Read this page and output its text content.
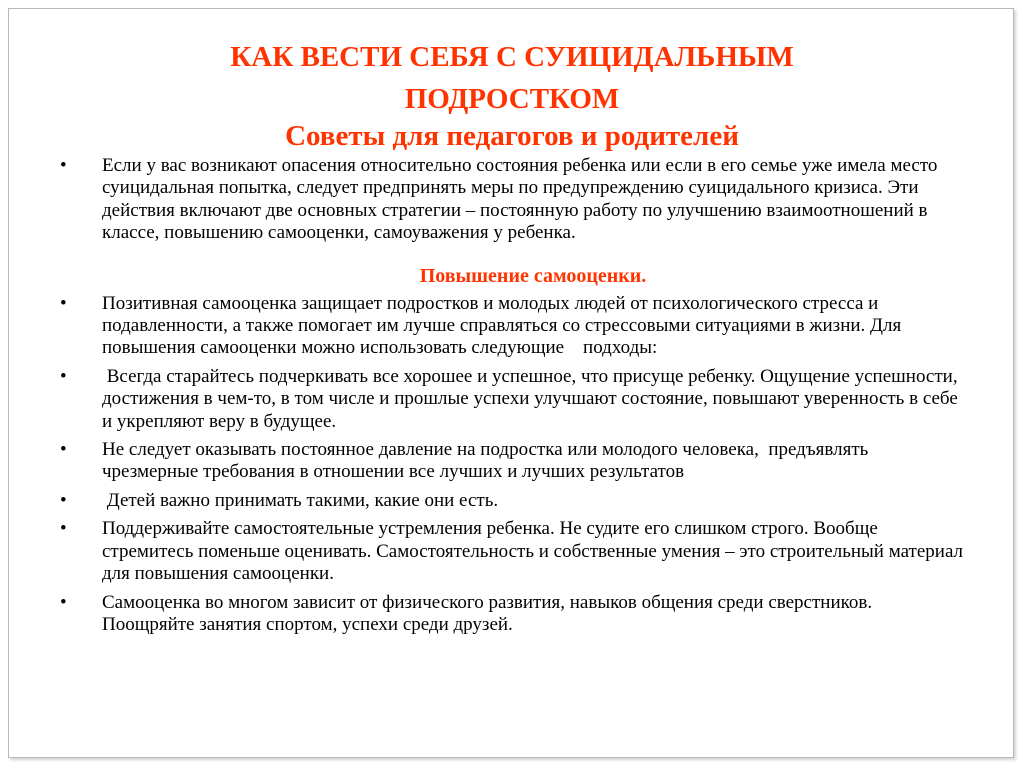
КАК ВЕСТИ СЕБЯ С СУИЦИДАЛЬНЫМ
ПОДРОСТКОМ
Советы для педагогов и родителей
•	Если у вас возникают опасения относительно состояния ребенка или если в его семье уже имела место суицидальная попытка, следует предпринять меры по предупреждению суицидального кризиса. Эти действия включают две основных стратегии – постоянную работу по улучшению взаимоотношений в классе, повышению самооценки, самоуважения у ребенка.
Повышение самооценки.
•	Позитивная самооценка защищает подростков и молодых людей от психологического стресса и подавленности, а также помогает им лучше справляться со стрессовыми ситуациями в жизни. Для повышения самооценки можно использовать следующие    подходы:
•	Всегда старайтесь подчеркивать все хорошее и успешное, что присуще ребенку. Ощущение успешности, достижения в чем-то, в том числе и прошлые успехи улучшают состояние, повышают уверенность в себе и укрепляют веру в будущее.
•	Не следует оказывать постоянное давление на подростка или молодого человека,  предъявлять чрезмерные требования в отношении все лучших и лучших результатов
•	Детей важно принимать такими, какие они есть.
•	Поддерживайте самостоятельные устремления ребенка. Не судите его слишком строго. Вообще стремитесь поменьше оценивать. Самостоятельность и собственные умения – это строительный материал для повышения самооценки.
•	Самооценка во многом зависит от физического развития, навыков общения среди сверстников. Поощряйте занятия спортом, успехи среди друзей.
